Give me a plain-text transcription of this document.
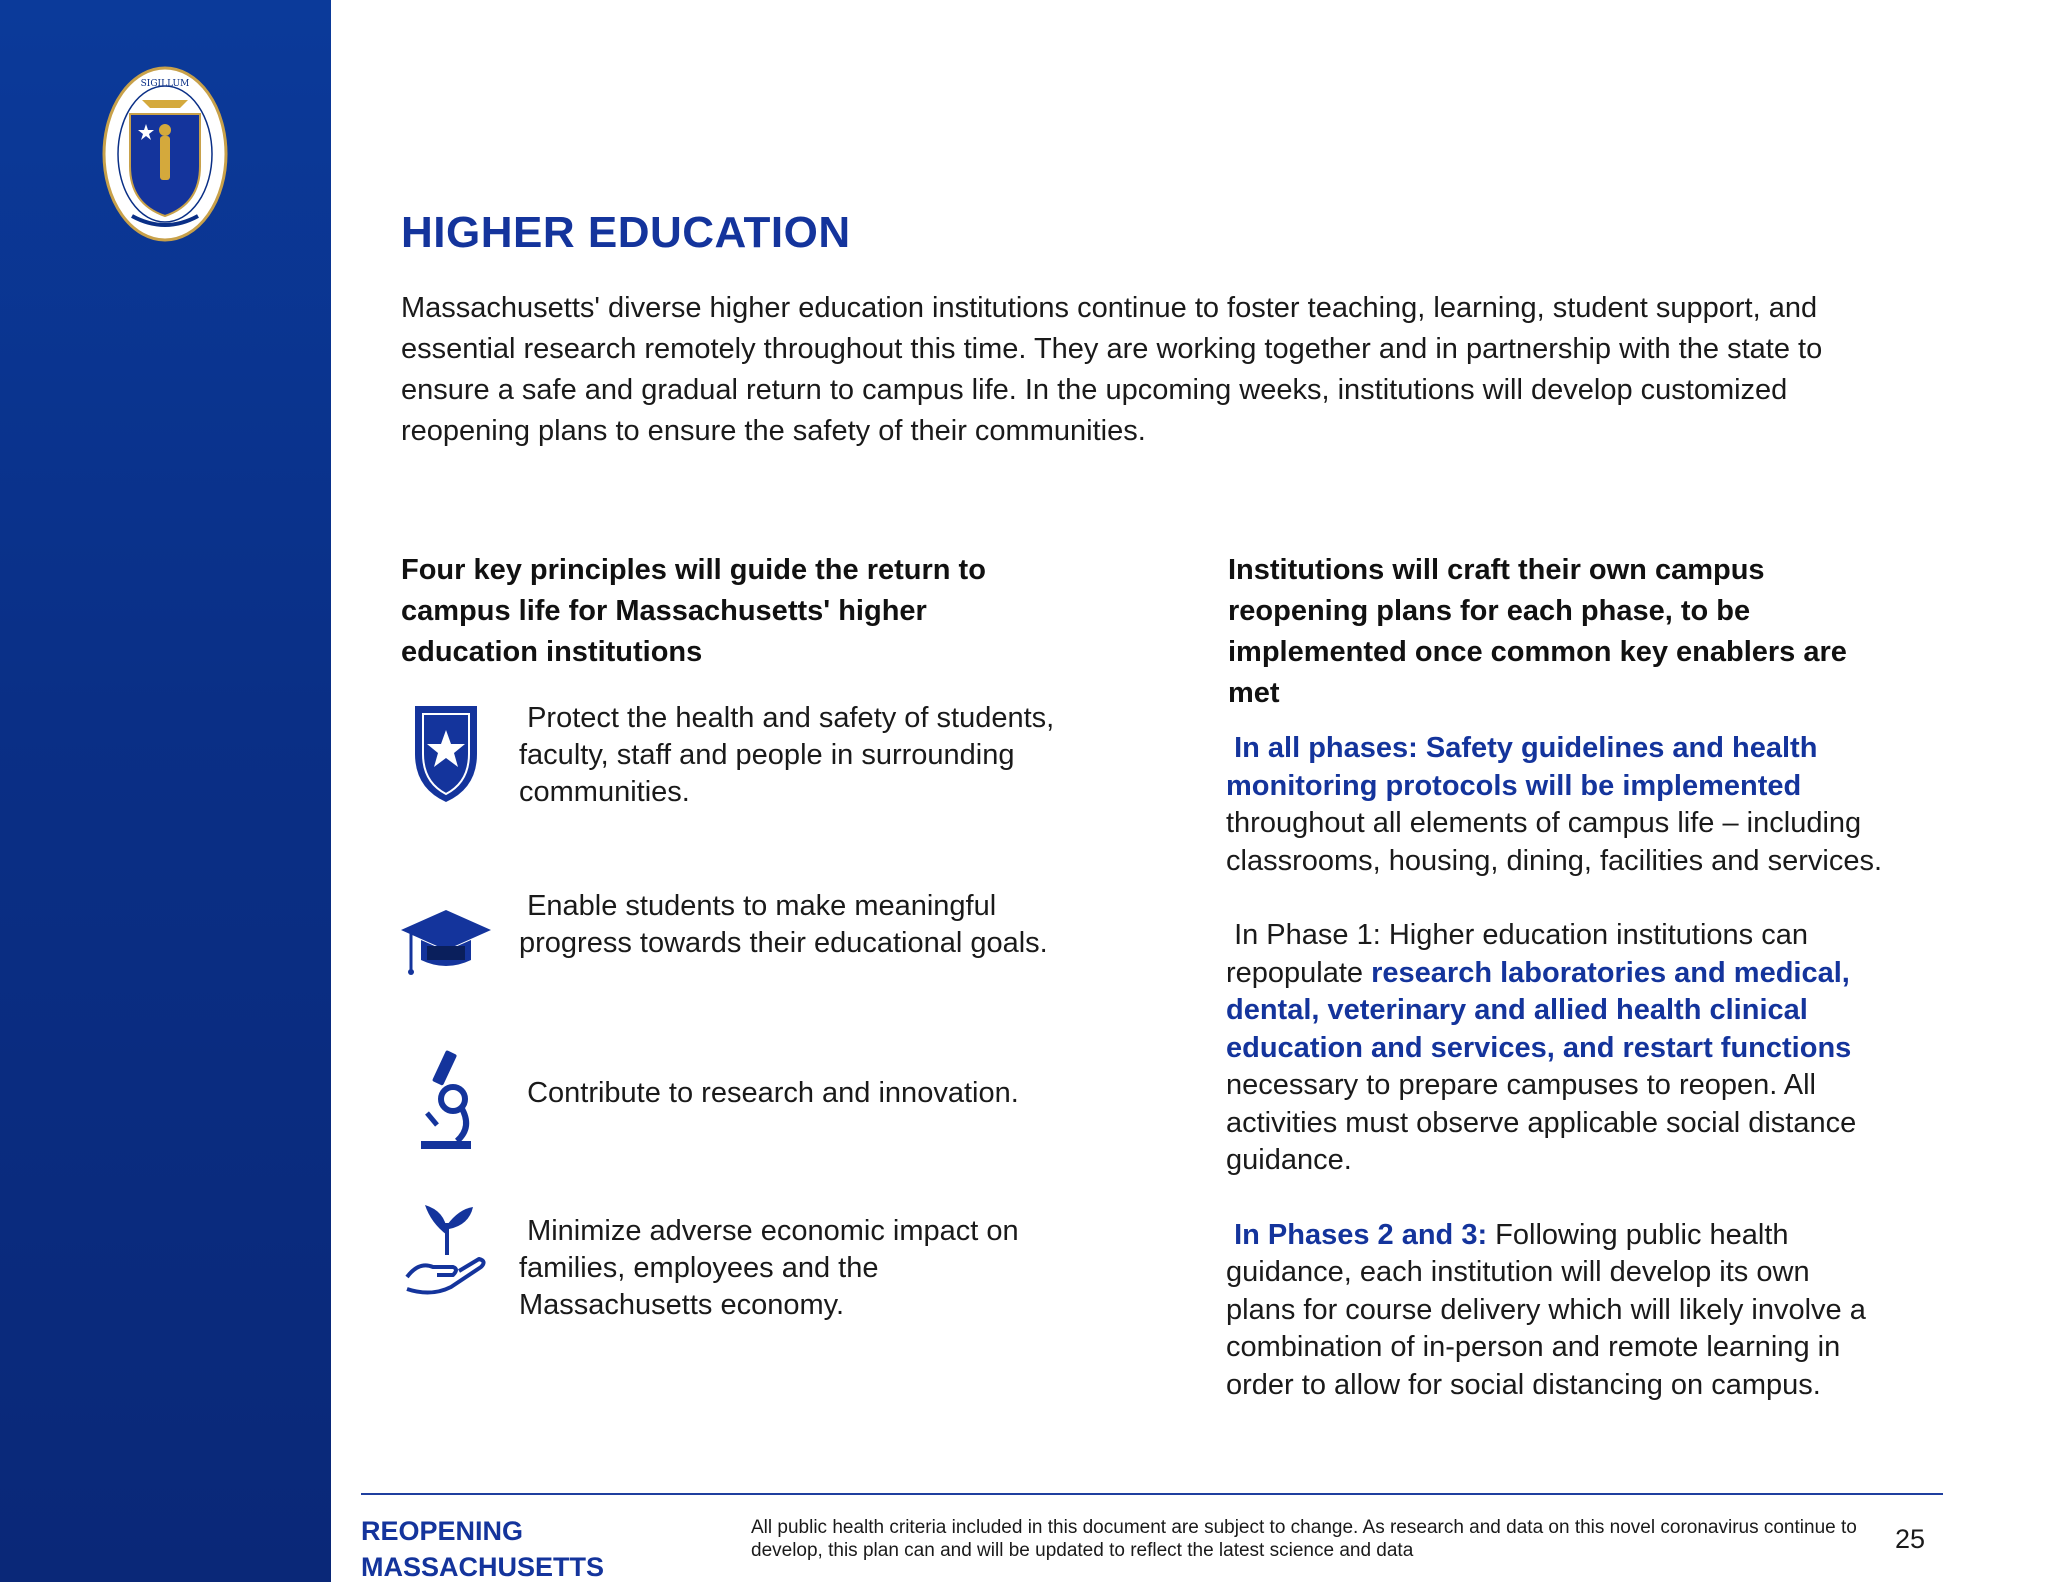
SIGILLUM
HIGHER EDUCATION
Massachusetts' diverse higher education institutions continue to foster teaching, learning, student support, and essential research remotely throughout this time. They are working together and in partnership with the state to ensure a safe and gradual return to campus life. In the upcoming weeks, institutions will develop customized reopening plans to ensure the safety of their communities.
Four key principles will guide the return to campus life for Massachusetts' higher education institutions
Protect the health and safety of students, faculty, staff and people in surrounding communities.
Enable students to make meaningful progress towards their educational goals.
Contribute to research and innovation.
Minimize adverse economic impact on families, employees and the Massachusetts economy.
Institutions will craft their own campus reopening plans for each phase, to be implemented once common key enablers are met

In all phases: Safety guidelines and health monitoring protocols will be implemented throughout all elements of campus life – including classrooms, housing, dining, facilities and services.

In Phase 1: Higher education institutions can repopulate research laboratories and medical, dental, veterinary and allied health clinical education and services, and restart functions necessary to prepare campuses to reopen. All activities must observe applicable social distance guidance.

In Phases 2 and 3: Following public health guidance, each institution will develop its own plans for course delivery which will likely involve a combination of in-person and remote learning in order to allow for social distancing on campus.

REOPENING
MASSACHUSETTS
All public health criteria included in this document are subject to change. As research and data on this novel coronavirus continue to develop, this plan can and will be updated to reflect the latest science and data	25
